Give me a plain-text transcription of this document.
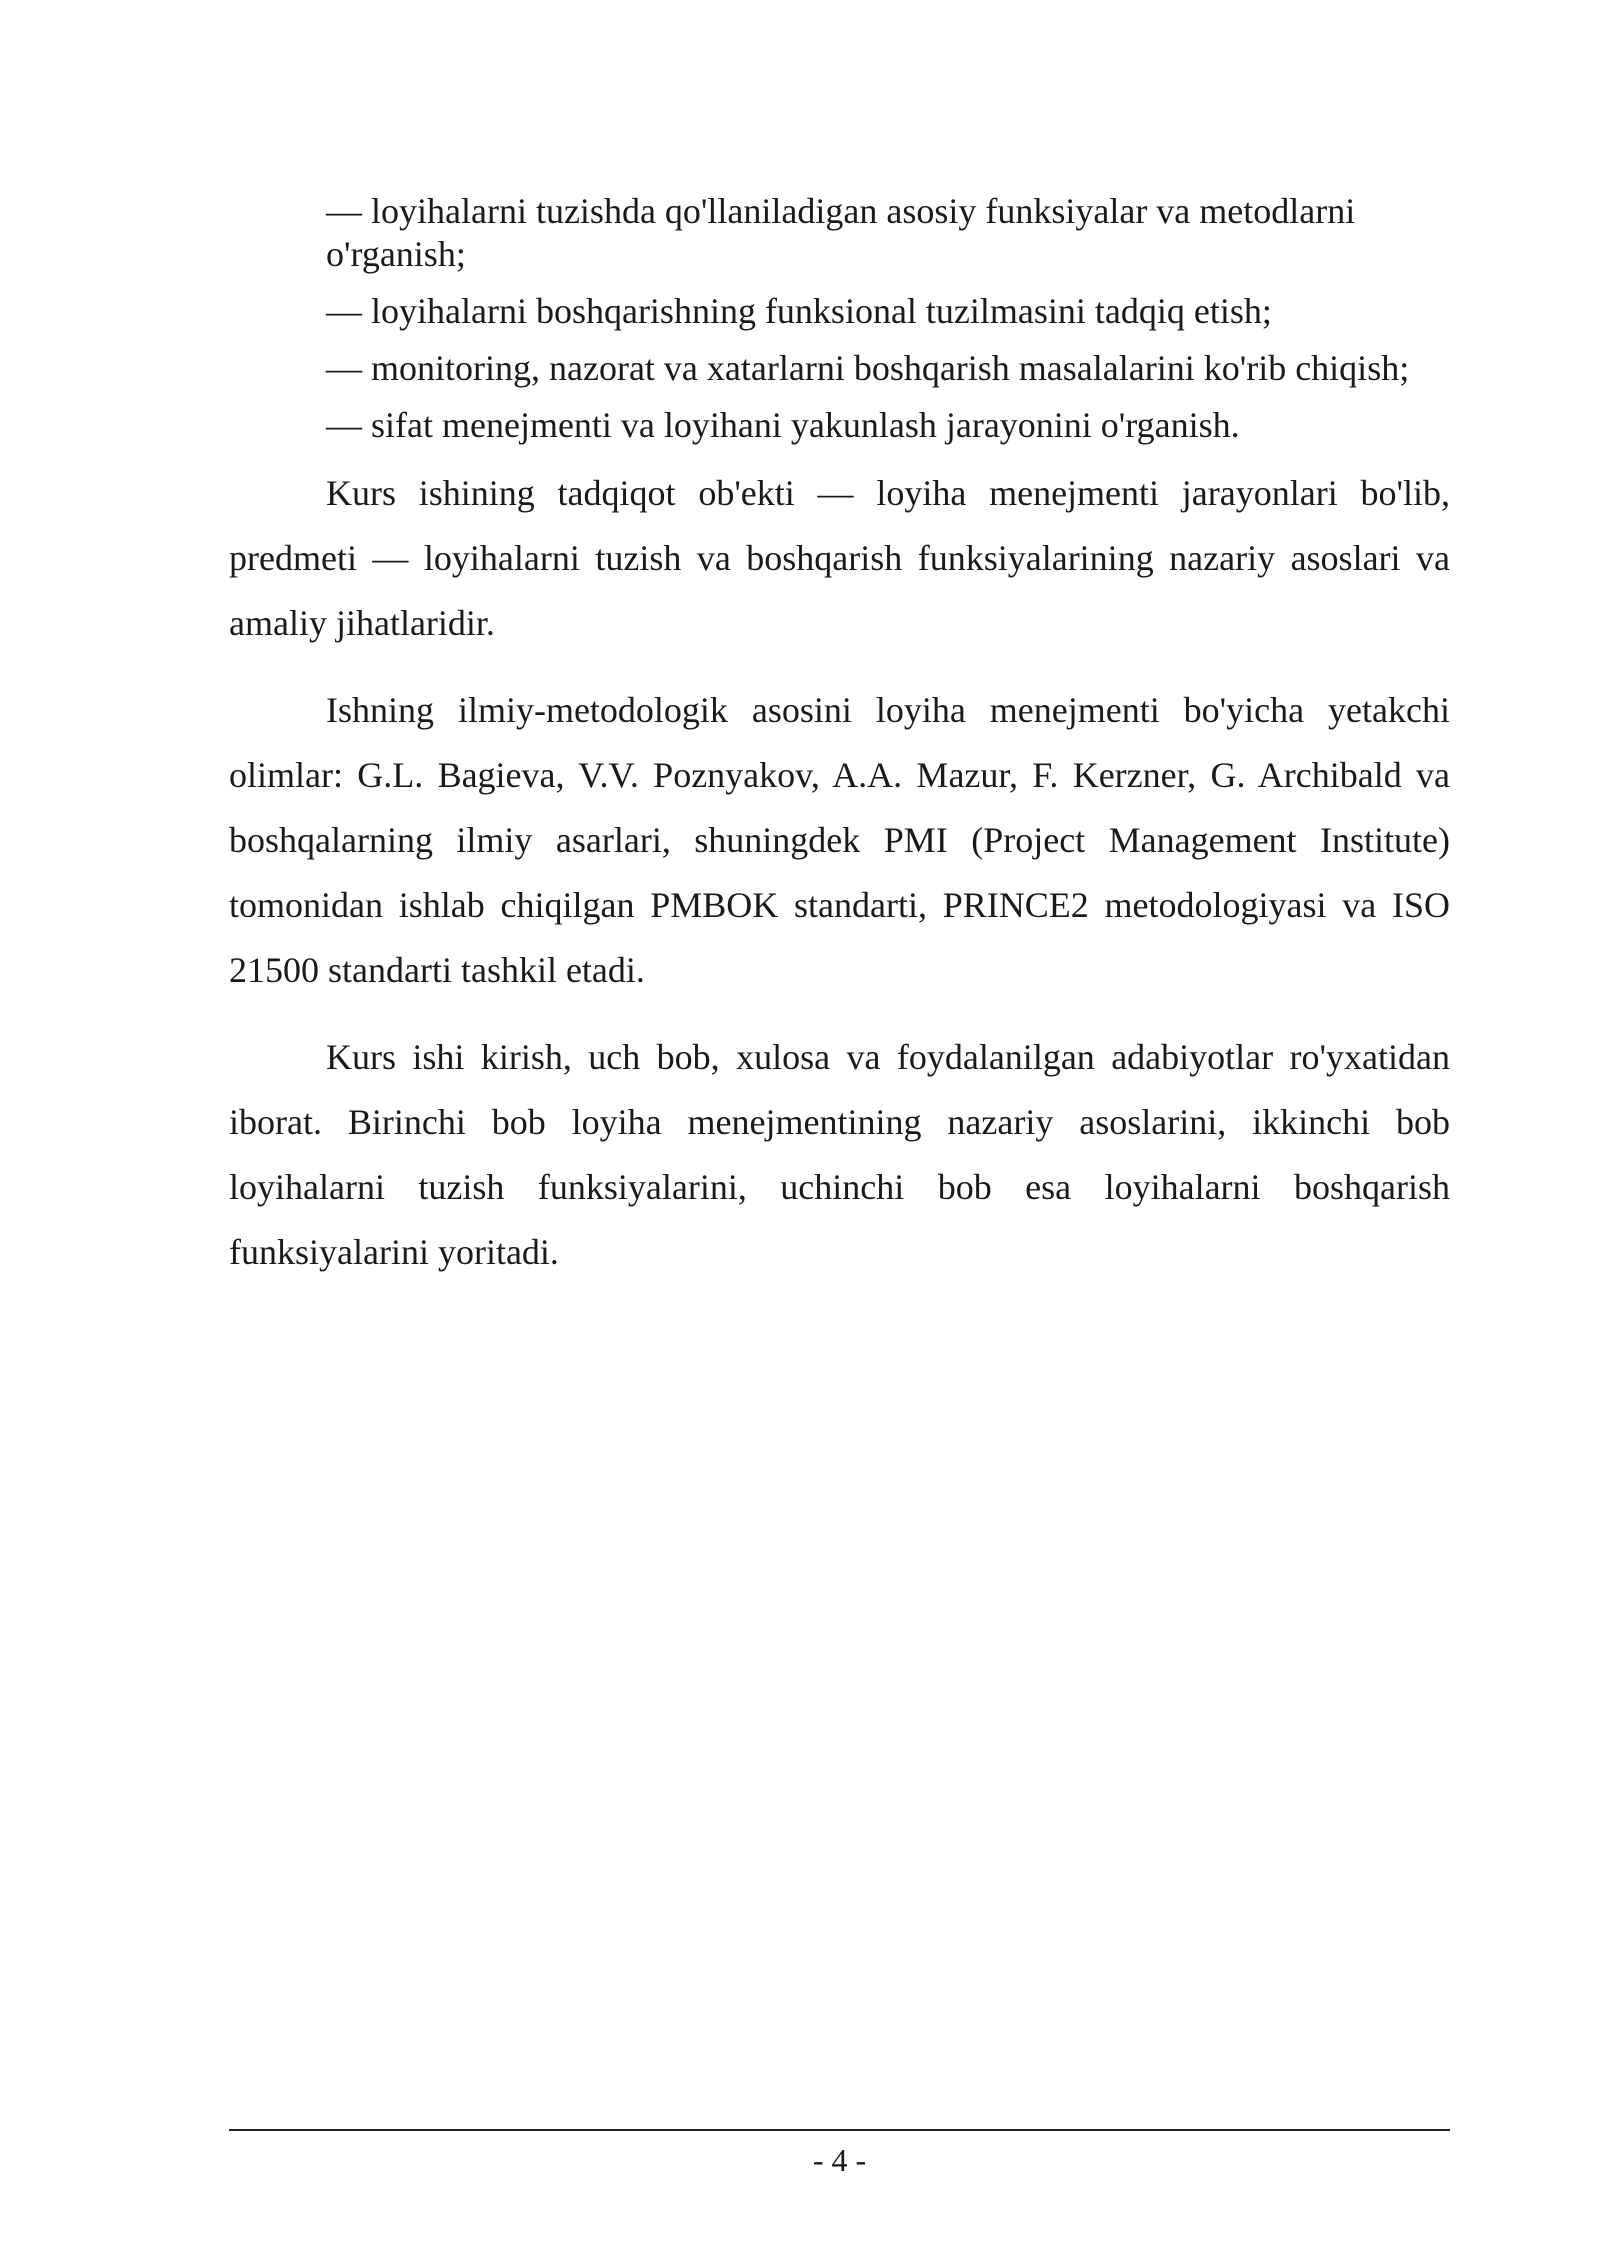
— loyihalarni tuzishda qo'llaniladigan asosiy funksiyalar va metodlarni o'rganish;

— loyihalarni boshqarishning funksional tuzilmasini tadqiq etish;

— monitoring, nazorat va xatarlarni boshqarish masalalarini ko'rib chiqish;

— sifat menejmenti va loyihani yakunlash jarayonini o'rganish.

Kurs ishining tadqiqot ob'ekti — loyiha menejmenti jarayonlari bo'lib, predmeti — loyihalarni tuzish va boshqarish funksiyalarining nazariy asoslari va amaliy jihatlaridir.

Ishning ilmiy-metodologik asosini loyiha menejmenti bo'yicha yetakchi olimlar: G.L. Bagieva, V.V. Poznyakov, A.A. Mazur, F. Kerzner, G. Archibald va boshqalarning ilmiy asarlari, shuningdek PMI (Project Management Institute) tomonidan ishlab chiqilgan PMBOK standarti, PRINCE2 metodologiyasi va ISO 21500 standarti tashkil etadi.

Kurs ishi kirish, uch bob, xulosa va foydalanilgan adabiyotlar ro'yxatidan iborat. Birinchi bob loyiha menejmentining nazariy asoslarini, ikkinchi bob loyihalarni tuzish funksiyalarini, uchinchi bob esa loyihalarni boshqarish funksiyalarini yoritadi.

- 4 -
